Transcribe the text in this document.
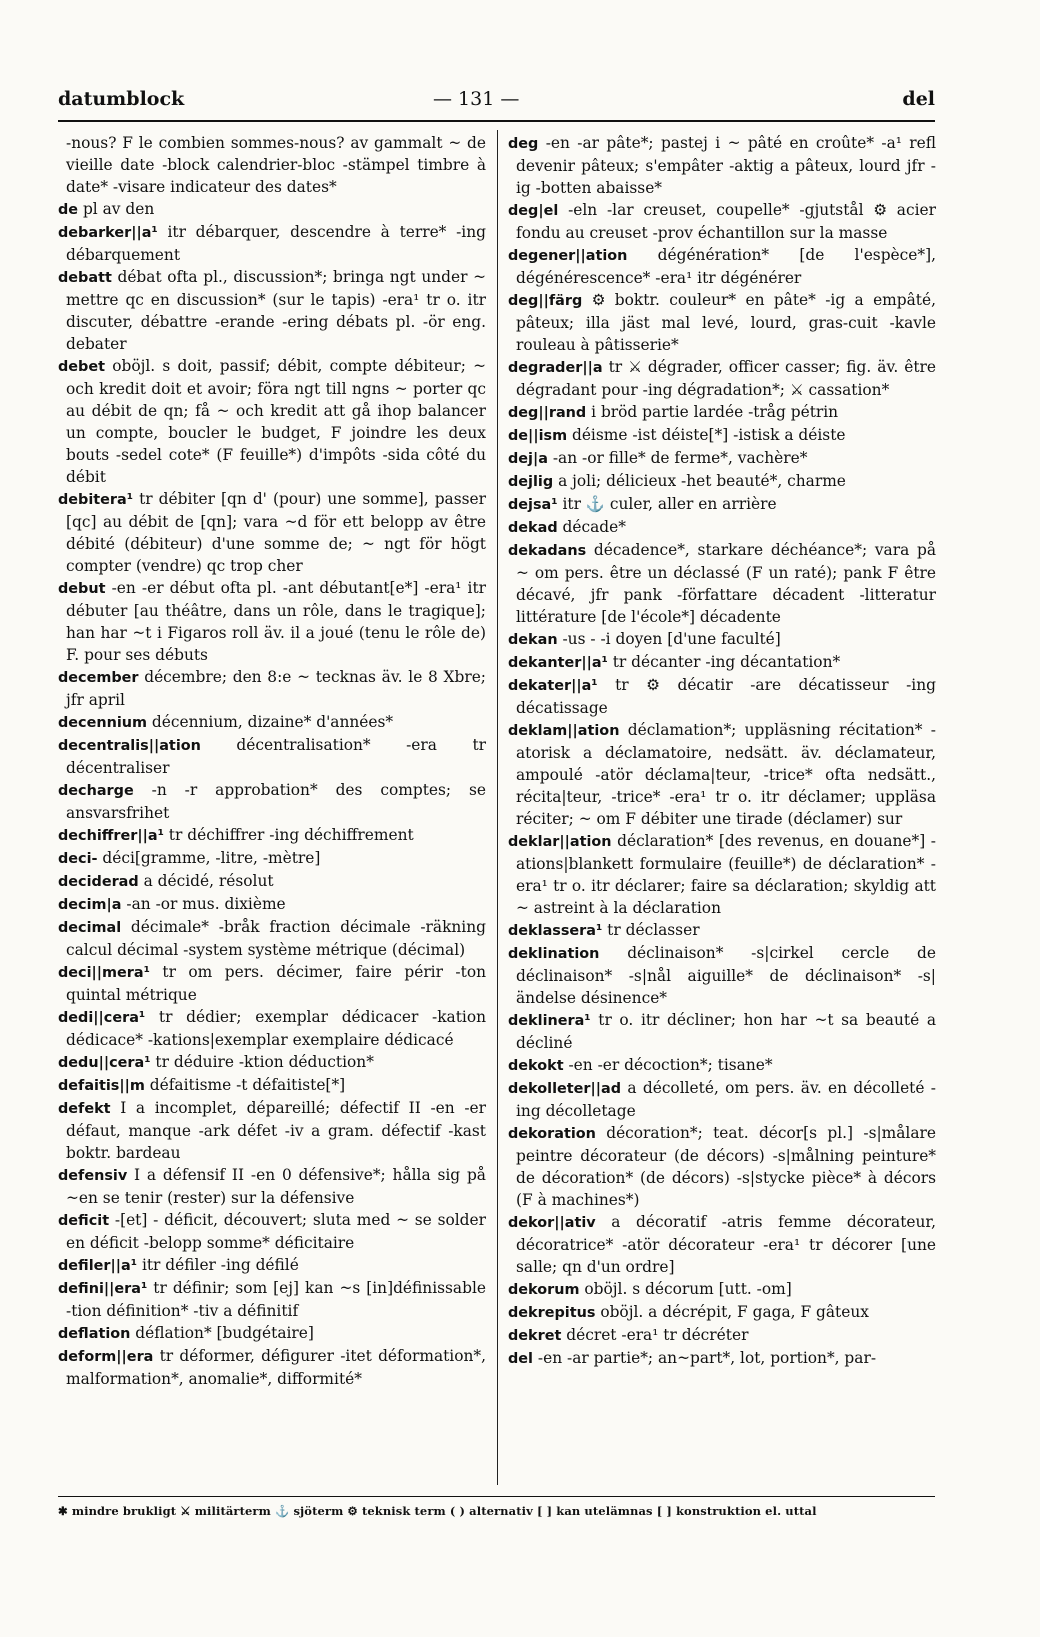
datumblock	— 131 —	del

-nous? F le combien sommes-nous? av gammalt ~ de vieille date -block calendrier-bloc -stämpel timbre à date* -visare indicateur des dates*

de pl av den

debarker||a¹ itr débarquer, descendre à terre* -ing débarquement

debatt débat ofta pl., discussion*; bringa ngt under ~ mettre qc en discussion* (sur le tapis) -era¹ tr o. itr discuter, débattre -erande -ering débats pl. -ör eng. debater

debet oböjl. s doit, passif; débit, compte débiteur; ~ och kredit doit et avoir; föra ngt till ngns ~ porter qc au débit de qn; få ~ och kredit att gå ihop balancer un compte, boucler le budget, F joindre les deux bouts -sedel cote* (F feuille*) d'impôts -sida côté du débit

debitera¹ tr débiter [qn d' (pour) une somme], passer [qc] au débit de [qn]; vara ~d för ett belopp av être débité (débiteur) d'une somme de; ~ ngt för högt compter (vendre) qc trop cher

debut -en -er début ofta pl. -ant débutant[e*] -era¹ itr débuter [au théâtre, dans un rôle, dans le tragique]; han har ~t i Figaros roll äv. il a joué (tenu le rôle de) F. pour ses débuts

december décembre; den 8:e ~ tecknas äv. le 8 Xbre; jfr april

decennium décennium, dizaine* d'années*

decentralis||ation décentralisation* -era tr décentraliser

decharge -n -r approbation* des comptes; se ansvarsfrihet

dechiffrer||a¹ tr déchiffrer -ing déchiffrement

deci- déci[gramme, -litre, -mètre]

deciderad a décidé, résolut

decim|a -an -or mus. dixième

decimal décimale* -bråk fraction décimale -räkning calcul décimal -system système métrique (décimal)

deci||mera¹ tr om pers. décimer, faire périr -ton quintal métrique

dedi||cera¹ tr dédier; exemplar dédicacer -kation dédicace* -kations|exemplar exemplaire dédicacé

dedu||cera¹ tr déduire -ktion déduction*

defaitis||m défaitisme -t défaitiste[*]

defekt I a incomplet, dépareillé; défectif II -en -er défaut, manque -ark défet -iv a gram. défectif -kast boktr. bardeau

defensiv I a défensif II -en 0 défensive*; hålla sig på ~en se tenir (rester) sur la défensive

deficit -[et] - déficit, découvert; sluta med ~ se solder en déficit -belopp somme* déficitaire

defiler||a¹ itr défiler -ing défilé

defini||era¹ tr définir; som [ej] kan ~s [in]définissable -tion définition* -tiv a définitif

deflation déflation* [budgétaire]

deform||era tr déformer, défigurer -itet déformation*, malformation*, anomalie*, difformité*

deg -en -ar pâte*; pastej i ~ pâté en croûte* -a¹ refl devenir pâteux; s'empâter -aktig a pâteux, lourd jfr -ig -botten abaisse*

deg|el -eln -lar creuset, coupelle* -gjutstål ⚙ acier fondu au creuset -prov échantillon sur la masse

degener||ation dégénération* [de l'espèce*], dégénérescence* -era¹ itr dégénérer

deg||färg ⚙ boktr. couleur* en pâte* -ig a empâté, pâteux; illa jäst mal levé, lourd, gras-cuit -kavle rouleau à pâtisserie*

degrader||a tr ⚔ dégrader, officer casser; fig. äv. être dégradant pour -ing dégradation*; ⚔ cassation*

deg||rand i bröd partie lardée -tråg pétrin

de||ism déisme -ist déiste[*] -istisk a déiste

dej|a -an -or fille* de ferme*, vachère*

dejlig a joli; délicieux -het beauté*, charme

dejsa¹ itr ⚓ culer, aller en arrière

dekad décade*

dekadans décadence*, starkare déchéance*; vara på ~ om pers. être un déclassé (F un raté); pank F être décavé, jfr pank -författare décadent -litteratur littérature [de l'école*] décadente

dekan -us - -i doyen [d'une faculté]

dekanter||a¹ tr décanter -ing décantation*

dekater||a¹ tr ⚙ décatir -are décatisseur -ing décatissage

deklam||ation déclamation*; uppläsning récitation* -atorisk a déclamatoire, nedsätt. äv. déclamateur, ampoulé -atör déclama|teur, -trice* ofta nedsätt., récita|teur, -trice* -era¹ tr o. itr déclamer; uppläsa réciter; ~ om F débiter une tirade (déclamer) sur

deklar||ation déclaration* [des revenus, en douane*] -ations|blankett formulaire (feuille*) de déclaration* -era¹ tr o. itr déclarer; faire sa déclaration; skyldig att ~ astreint à la déclaration

deklassera¹ tr déclasser

deklination déclinaison* -s|cirkel cercle de déclinaison* -s|nål aiguille* de déclinaison* -s|ändelse désinence*

deklinera¹ tr o. itr décliner; hon har ~t sa beauté a décliné

dekokt -en -er décoction*; tisane*

dekolleter||ad a décolleté, om pers. äv. en décolleté -ing décolletage

dekoration décoration*; teat. décor[s pl.] -s|målare peintre décorateur (de décors) -s|målning peinture* de décoration* (de décors) -s|stycke pièce* à décors (F à machines*)

dekor||ativ a décoratif -atris femme décorateur, décoratrice* -atör décorateur -era¹ tr décorer [une salle; qn d'un ordre]

dekorum oböjl. s décorum [utt. -om]

dekrepitus oböjl. a décrépit, F gaga, F gâteux

dekret décret -era¹ tr décréter

del -en -ar partie*; an~part*, lot, portion*, par-

✱ mindre brukligt ⚔ militärterm ⚓ sjöterm ⚙ teknisk term ( ) alternativ [ ] kan utelämnas [ ] konstruktion el. uttal
